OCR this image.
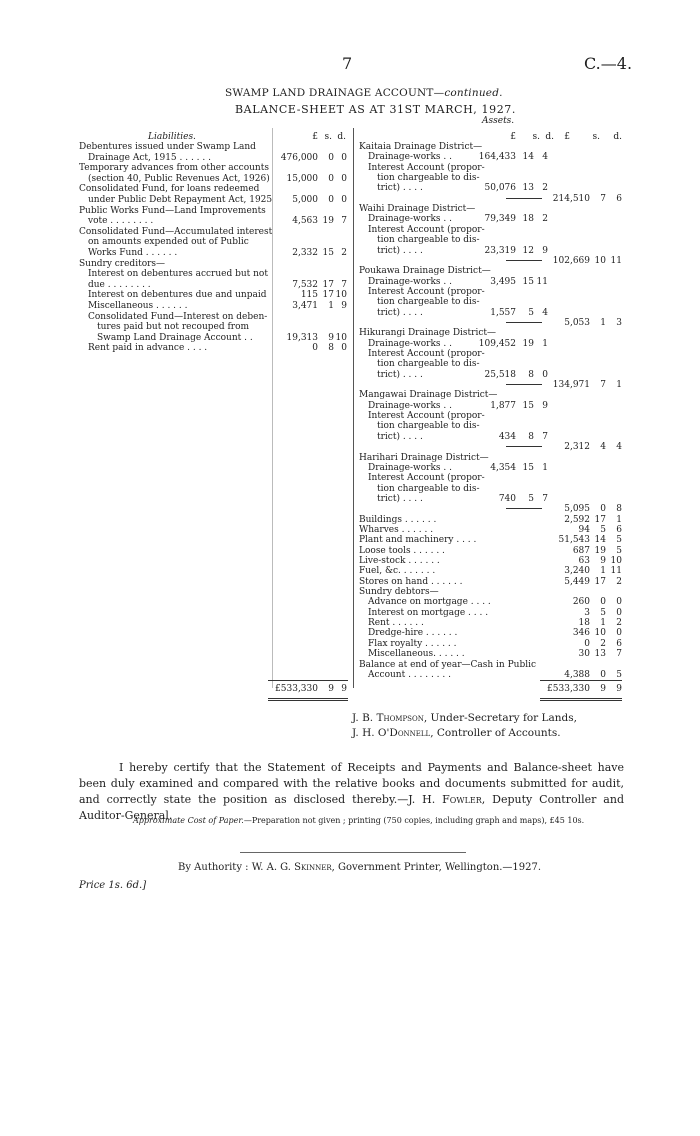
7	C.—4.
SWAMP LAND DRAINAGE ACCOUNT—continued.
BALANCE-SHEET AS AT 31ST MARCH, 1927.
Liabilities.
Assets.
£ s. d.	£	s. d.	£	s.	d.
Debentures issued under Swamp Land
Drainage Act, 1915 . . . . . .	476,000	0 0
Temporary advances from other accounts
(section 40, Public Revenues Act, 1926)	15,000	0 0
Consolidated Fund, for loans redeemed
under Public Debt Repayment Act, 1925	5,000	0 0
Public Works Fund—Land Improvements
vote . . . . . . . .	4,563 19 7
Consolidated Fund—Accumulated interest
on amounts expended out of Public
Works Fund . . . . . .	2,332 15 2
Sundry creditors—
Interest on debentures accrued but not
due . . . . . . . .	7,532 17 7
Interest on debentures due and unpaid	115 17 10
Miscellaneous . . . . . .	3,471	1 9
Consolidated Fund—Interest on deben-
tures paid but not recouped from
Swamp Land Drainage Account . .	19,313	9 10
Rent paid in advance . . . .	0	8 0
Kaitaia Drainage District—
Drainage-works . .	164,433 14 4
Interest Account (propor-
tion chargeable to dis-
trict) . . . .	50,076 13 2
214,510	7	6
Waihi Drainage District—
Drainage-works . .	79,349 18 2
Interest Account (propor-
tion chargeable to dis-
trict) . . . .	23,319 12 9
102,669 10 11
Poukawa Drainage District—
Drainage-works . .	3,495 15 11
Interest Account (propor-
tion chargeable to dis-
trict) . . . .	1,557	5 4
5,053	1	3
Hikurangi Drainage District—
Drainage-works . .	109,452 19 1
Interest Account (propor-
tion chargeable to dis-
trict) . . . .	25,518	8 0
134,971	7	1
Mangawai Drainage District—
Drainage-works . .	1,877 15 9
Interest Account (propor-
tion chargeable to dis-
trict) . . . .	434	8 7
2,312	4	4
Harihari Drainage District—
Drainage-works . .	4,354 15 1
Interest Account (propor-
tion chargeable to dis-
trict) . . . .	740	5 7
5,095	0	8
Buildings . . . . . .	2,592 17	1
Wharves . . . . . .	94	5	6
Plant and machinery . . . .	51,543 14	5
Loose tools . . . . . .	687 19	5
Live-stock . . . . . .	63	9 10
Fuel, &c. . . . . . .	3,240	1 11
Stores on hand . . . . . .	5,449 17	2
Sundry debtors—
Advance on mortgage . . . .	260	0	0
Interest on mortgage . . . .	3	5	0
Rent . . . . . .	18	1	2
Dredge-hire . . . . . .	346 10	0
Flax royalty . . . . . .	0	2	6
Miscellaneous. . . . . .	30 13	7
Balance at end of year—Cash in Public
Account . . . . . . . .	4,388	0	5
£533,330	9 9	£533,330	9	9
J. B. Thompson, Under-Secretary for Lands,
J. H. O'Donnell, Controller of Accounts.
I hereby certify that the Statement of Receipts and Payments and Balance-sheet have been duly examined and compared with the relative books and documents submitted for audit, and correctly state the position as disclosed thereby.—J. H. Fowler, Deputy Controller and Auditor-General.
Approximate Cost of Paper.—Preparation not given ; printing (750 copies, including graph and maps), £45 10s.
By Authority : W. A. G. Skinner, Government Printer, Wellington.—1927.
Price 1s. 6d.]
